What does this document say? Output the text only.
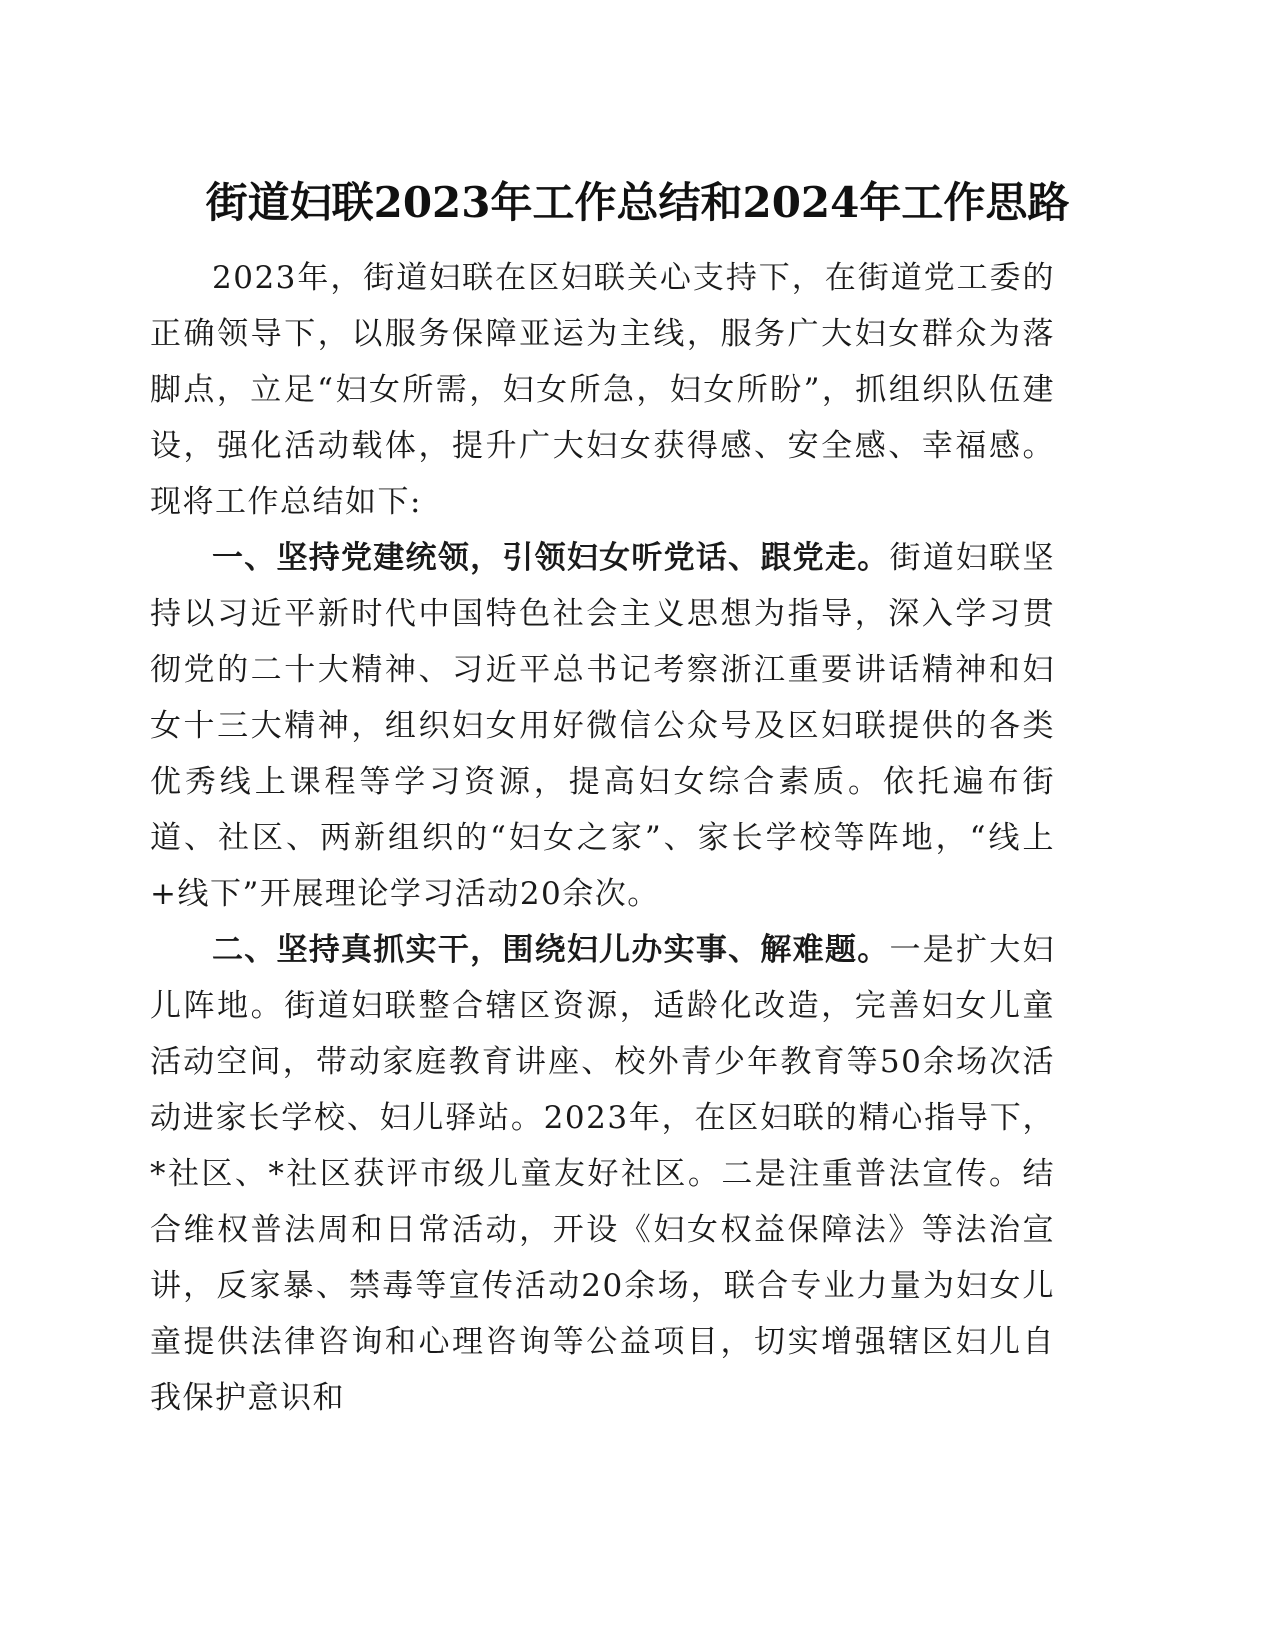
街道妇联2023年工作总结和2024年工作思路

2023年，街道妇联在区妇联关心支持下，在街道党工委的正确领导下，以服务保障亚运为主线，服务广大妇女群众为落脚点，立足“妇女所需，妇女所急，妇女所盼”，抓组织队伍建设，强化活动载体，提升广大妇女获得感、安全感、幸福感。现将工作总结如下:

一、坚持党建统领，引领妇女听党话、跟党走。街道妇联坚持以习近平新时代中国特色社会主义思想为指导，深入学习贯彻党的二十大精神、习近平总书记考察浙江重要讲话精神和妇女十三大精神，组织妇女用好微信公众号及区妇联提供的各类优秀线上课程等学习资源，提高妇女综合素质。依托遍布街道、社区、两新组织的“妇女之家”、家长学校等阵地，“线上+线下”开展理论学习活动20余次。

二、坚持真抓实干，围绕妇儿办实事、解难题。一是扩大妇儿阵地。街道妇联整合辖区资源，适龄化改造，完善妇女儿童活动空间，带动家庭教育讲座、校外青少年教育等50余场次活动进家长学校、妇儿驿站。2023年，在区妇联的精心指导下，*社区、*社区获评市级儿童友好社区。二是注重普法宣传。结合维权普法周和日常活动，开设《妇女权益保障法》等法治宣讲，反家暴、禁毒等宣传活动20余场，联合专业力量为妇女儿童提供法律咨询和心理咨询等公益项目，切实增强辖区妇儿自我保护意识和
